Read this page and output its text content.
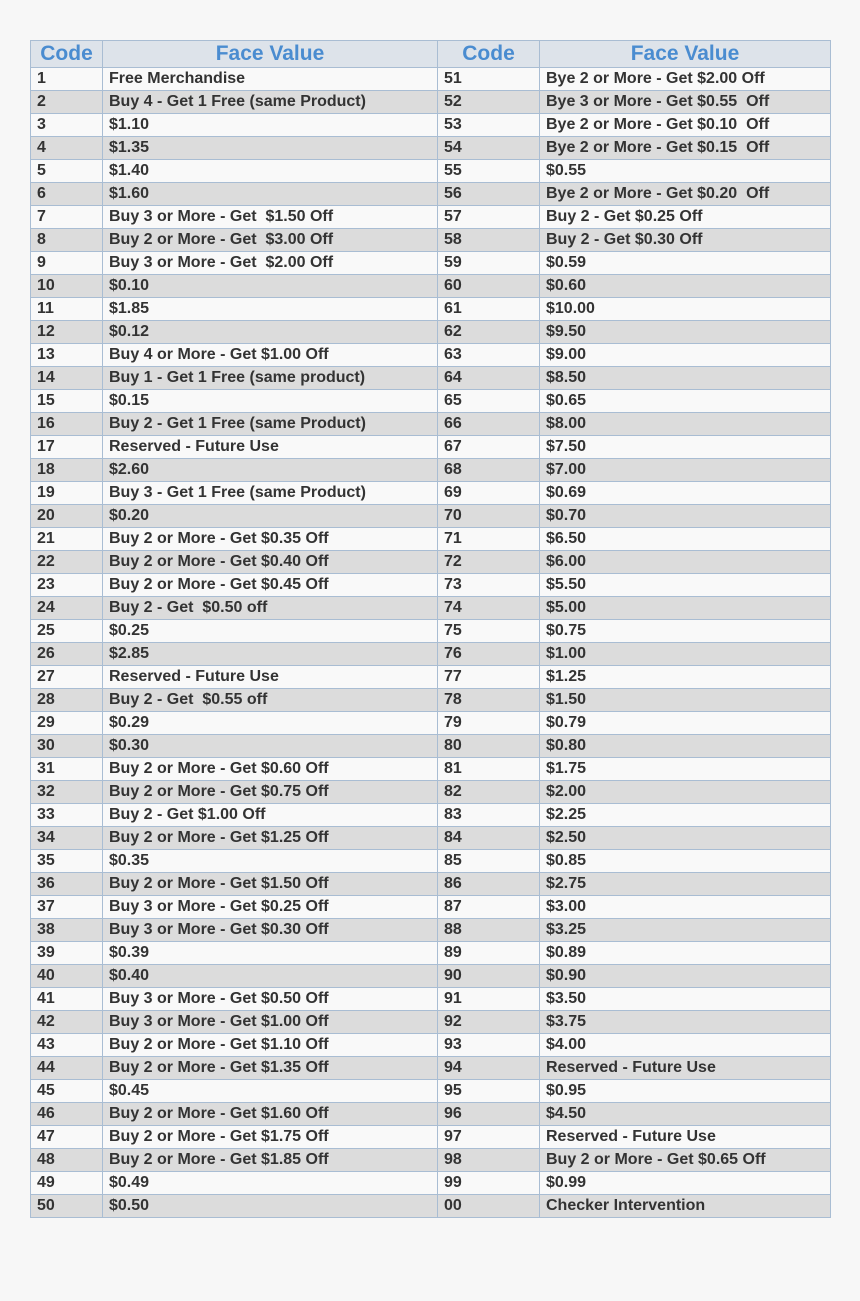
Code	Face Value	Code	Face Value
1	Free Merchandise	51	Bye 2 or More - Get $2.00 Off
2	Buy 4 - Get 1 Free (same Product)	52	Bye 3 or More - Get $0.55  Off
3	$1.10	53	Bye 2 or More - Get $0.10  Off
4	$1.35	54	Bye 2 or More - Get $0.15  Off
5	$1.40	55	$0.55
6	$1.60	56	Bye 2 or More - Get $0.20  Off
7	Buy 3 or More - Get  $1.50 Off	57	Buy 2 - Get $0.25 Off
8	Buy 2 or More - Get  $3.00 Off	58	Buy 2 - Get $0.30 Off
9	Buy 3 or More - Get  $2.00 Off	59	$0.59
10	$0.10	60	$0.60
11	$1.85	61	$10.00
12	$0.12	62	$9.50
13	Buy 4 or More - Get $1.00 Off	63	$9.00
14	Buy 1 - Get 1 Free (same product)	64	$8.50
15	$0.15	65	$0.65
16	Buy 2 - Get 1 Free (same Product)	66	$8.00
17	Reserved - Future Use	67	$7.50
18	$2.60	68	$7.00
19	Buy 3 - Get 1 Free (same Product)	69	$0.69
20	$0.20	70	$0.70
21	Buy 2 or More - Get $0.35 Off	71	$6.50
22	Buy 2 or More - Get $0.40 Off	72	$6.00
23	Buy 2 or More - Get $0.45 Off	73	$5.50
24	Buy 2 - Get  $0.50 off	74	$5.00
25	$0.25	75	$0.75
26	$2.85	76	$1.00
27	Reserved - Future Use	77	$1.25
28	Buy 2 - Get  $0.55 off	78	$1.50
29	$0.29	79	$0.79
30	$0.30	80	$0.80
31	Buy 2 or More - Get $0.60 Off	81	$1.75
32	Buy 2 or More - Get $0.75 Off	82	$2.00
33	Buy 2 - Get $1.00 Off	83	$2.25
34	Buy 2 or More - Get $1.25 Off	84	$2.50
35	$0.35	85	$0.85
36	Buy 2 or More - Get $1.50 Off	86	$2.75
37	Buy 3 or More - Get $0.25 Off	87	$3.00
38	Buy 3 or More - Get $0.30 Off	88	$3.25
39	$0.39	89	$0.89
40	$0.40	90	$0.90
41	Buy 3 or More - Get $0.50 Off	91	$3.50
42	Buy 3 or More - Get $1.00 Off	92	$3.75
43	Buy 2 or More - Get $1.10 Off	93	$4.00
44	Buy 2 or More - Get $1.35 Off	94	Reserved - Future Use
45	$0.45	95	$0.95
46	Buy 2 or More - Get $1.60 Off	96	$4.50
47	Buy 2 or More - Get $1.75 Off	97	Reserved - Future Use
48	Buy 2 or More - Get $1.85 Off	98	Buy 2 or More - Get $0.65 Off
49	$0.49	99	$0.99
50	$0.50	00	Checker Intervention
